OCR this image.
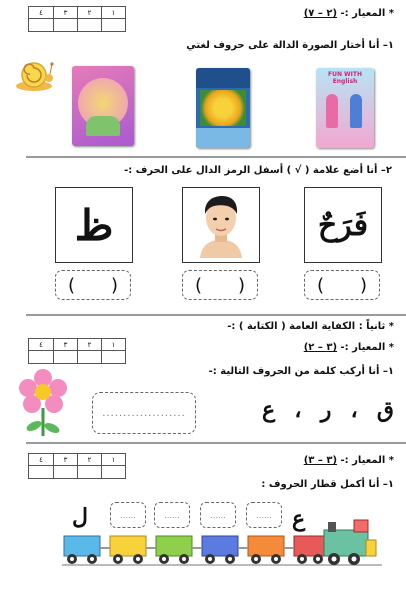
٤	٣	٢	١	* المعيار :- (٢ – ٧)
١– أنا أختار الصورة الدالة على حروف لغتي
FUN WITH English
٢– أنا أضع علامة ( √ ) أسفل الرمز الدال على الحرف :-
فَرَحٌ
ظ
( )
( )
( )
* ثانياً : الكفاية العامة ( الكتابة ) :-
٤	٣	٢	١	* المعيار :- (٣ – ٢)
١– أنا أركب كلمة من الحروف التالية :-
....................	ق
،
ر
،
ع
٤	٣	٢	١	* المعيار :- (٣ – ٣)
١– أنا أكمل قطار الحروف :
ع
ل	......
......
......
......
